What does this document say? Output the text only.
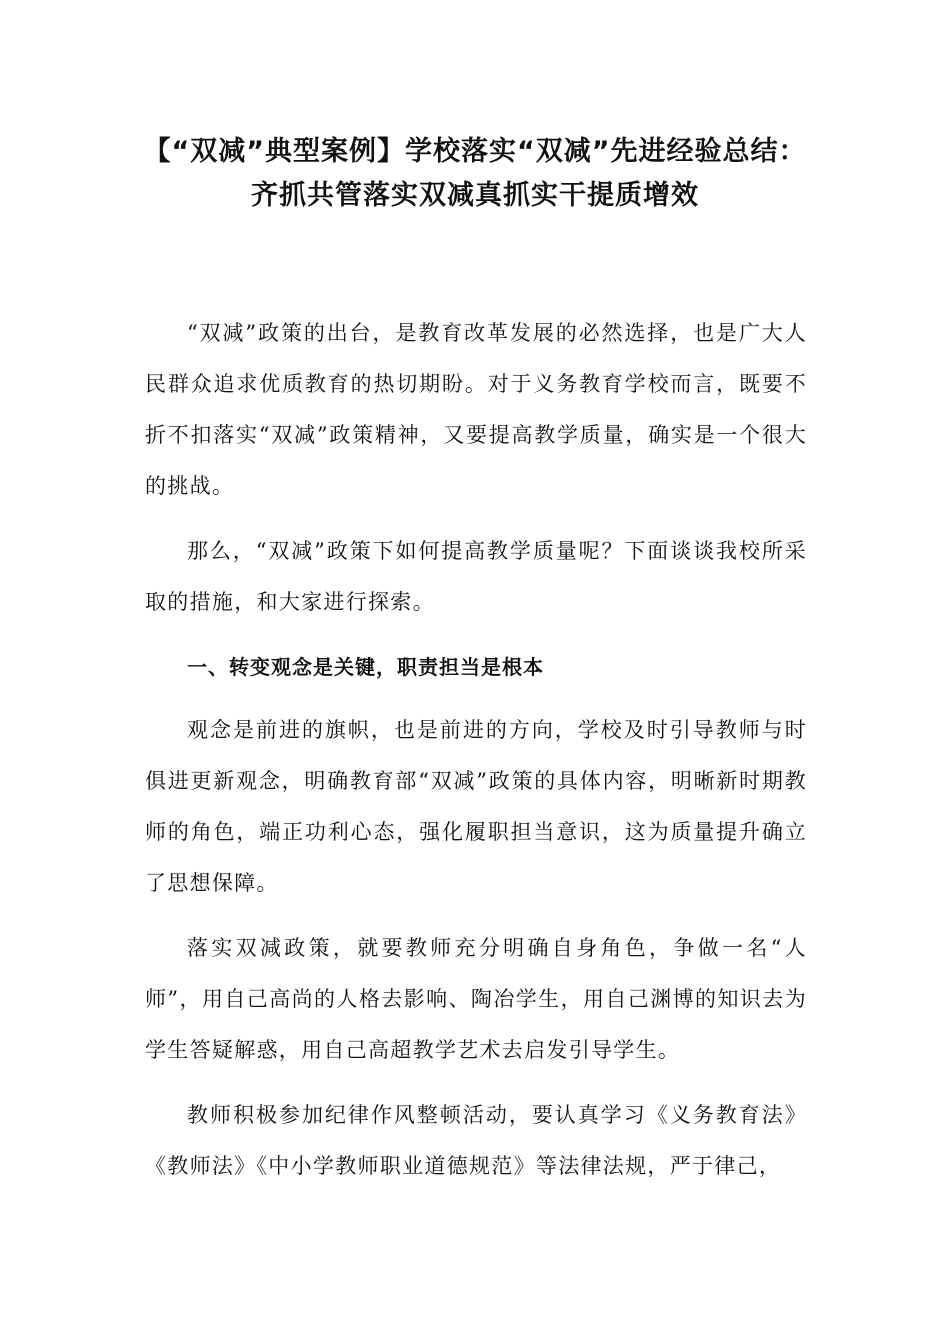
【“双减”典型案例】学校落实“双减”先进经验总结：齐抓共管落实双减真抓实干提质增效

“双减”政策的出台，是教育改革发展的必然选择，也是广大人民群众追求优质教育的热切期盼。对于义务教育学校而言，既要不折不扣落实“双减”政策精神，又要提高教学质量，确实是一个很大的挑战。

那么，“双减”政策下如何提高教学质量呢？下面谈谈我校所采取的措施，和大家进行探索。

一、转变观念是关键，职责担当是根本

观念是前进的旗帜，也是前进的方向，学校及时引导教师与时俱进更新观念，明确教育部“双减”政策的具体内容，明晰新时期教师的角色，端正功利心态，强化履职担当意识，这为质量提升确立了思想保障。

落实双减政策，就要教师充分明确自身角色，争做一名“人师”，用自己高尚的人格去影响、陶冶学生，用自己渊博的知识去为学生答疑解惑，用自己高超教学艺术去启发引导学生。

教师积极参加纪律作风整顿活动，要认真学习《义务教育法》《教师法》《中小学教师职业道德规范》等法律法规，严于律己，
